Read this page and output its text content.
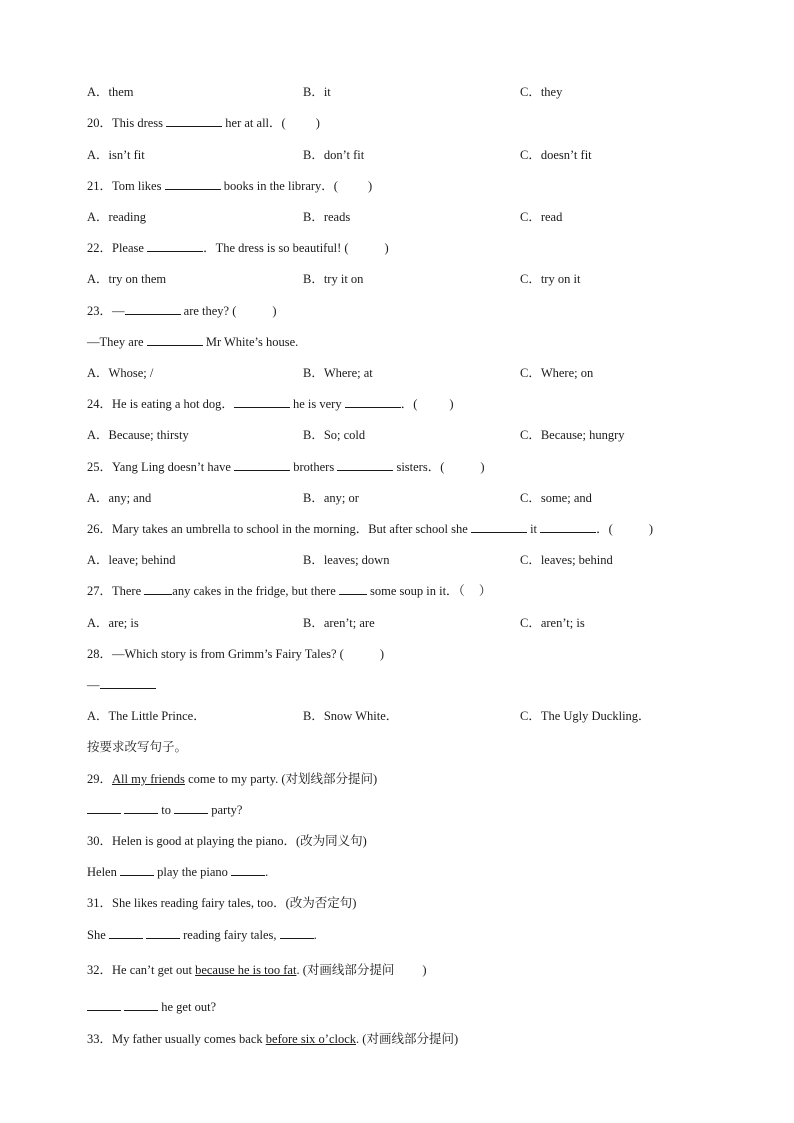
A．them	B．it	C．they
20．This dress	her at all．( )
A．isn’t fit	B．don’t fit	C．doesn’t fit
21．Tom likes	books in the library．( )
A．reading	B．reads	C．read
22．Please	．The dress is so beautiful! (	)
A．try on them	B．try it on	C．try on it
23．—	are they? (	)
—They are	Mr White’s house.
A．Whose; /	B．Where; at	C．Where; on
24．He is eating a hot dog．	he is very	．(	)
A．Because; thirsty	B．So; cold	C．Because; hungry
25．Yang Ling doesn’t have	brothers	sisters．(	)
A．any; and	B．any; or	C．some; and
26．Mary takes an umbrella to school in the morning．But after school she	it	．(	)
A．leave; behind	B．leaves; down	C．leaves; behind
27．There any cakes in the fridge, but there  some soup in it．（ ）
A．are; is	B．aren’t; are	C．aren’t; is
28．—Which story is from Grimm’s Fairy Tales? (	)
—
A．The Little Prince．	B．Snow White．	C．The Ugly Duckling．
按要求改写句子。
29．All my friends come to my party. (对划线部分提问)
to	party?
30．Helen is good at playing the piano．(改为同义句)
Helen	play the piano	.
31．She likes reading fairy tales, too．(改为否定句)
She	reading fairy tales,	.
32．He can’t get out because he is too fat. (对画线部分提问 )
he get out?
33．My father usually comes back before six o’clock. (对画线部分提问)
